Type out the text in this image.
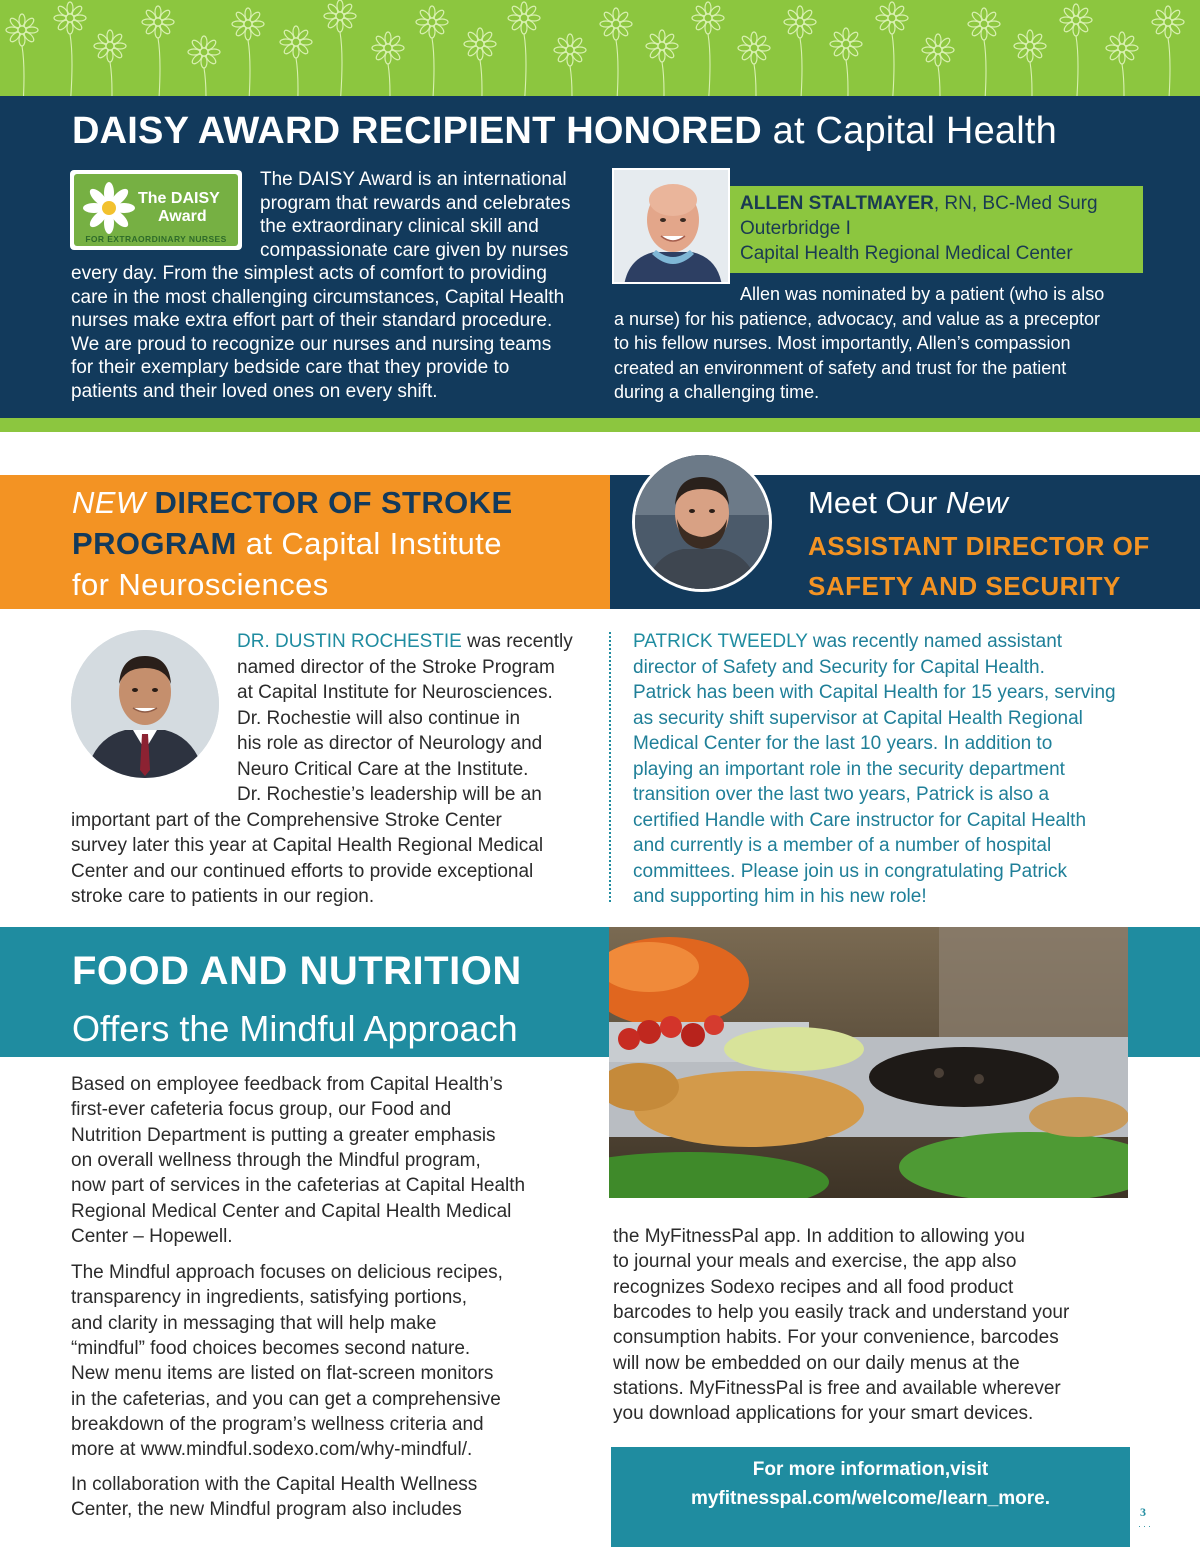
DAISY AWARD RECIPIENT HONORED at Capital Health
The DAISY
Award
FOR EXTRAORDINARY NURSES
The DAISY Award is an international
program that rewards and celebrates
the extraordinary clinical skill and
compassionate care given by nurses
every day. From the simplest acts of comfort to providing
care in the most challenging circumstances, Capital Health
nurses make extra effort part of their standard procedure.
We are proud to recognize our nurses and nursing teams
for their exemplary bedside care that they provide to
patients and their loved ones on every shift.
ALLEN STALTMAYER, RN, BC-Med Surg
Outerbridge I
Capital Health Regional Medical Center
Allen was nominated by a patient (who is also
a nurse) for his patience, advocacy, and value as a preceptor
to his fellow nurses. Most importantly, Allen’s compassion
created an environment of safety and trust for the patient
during a challenging time.
NEW DIRECTOR OF STROKE
PROGRAM at Capital Institute
for Neurosciences
Meet Our New
ASSISTANT DIRECTOR OF
SAFETY AND SECURITY
DR. DUSTIN ROCHESTIE was recently
named director of the Stroke Program
at Capital Institute for Neurosciences.
Dr. Rochestie will also continue in
his role as director of Neurology and
Neuro Critical Care at the Institute.
Dr. Rochestie’s leadership will be an
important part of the Comprehensive Stroke Center
survey later this year at Capital Health Regional Medical
Center and our continued efforts to provide exceptional
stroke care to patients in our region.
PATRICK TWEEDLY was recently named assistant
director of Safety and Security for Capital Health.
Patrick has been with Capital Health for 15 years, serving
as security shift supervisor at Capital Health Regional
Medical Center for the last 10 years. In addition to
playing an important role in the security department
transition over the last two years, Patrick is also a
certified Handle with Care instructor for Capital Health
and currently is a member of a number of hospital
committees. Please join us in congratulating Patrick
and supporting him in his new role!
FOOD AND NUTRITION
Offers the Mindful Approach
Based on employee feedback from Capital Health’s
first-ever cafeteria focus group, our Food and
Nutrition Department is putting a greater emphasis
on overall wellness through the Mindful program,
now part of services in the cafeterias at Capital Health
Regional Medical Center and Capital Health Medical
Center – Hopewell.
The Mindful approach focuses on delicious recipes,
transparency in ingredients, satisfying portions,
and clarity in messaging that will help make
“mindful” food choices becomes second nature.
New menu items are listed on flat-screen monitors
in the cafeterias, and you can get a comprehensive
breakdown of the program’s wellness criteria and
more at www.mindful.sodexo.com/why-mindful/.
In collaboration with the Capital Health Wellness
Center, the new Mindful program also includes
the MyFitnessPal app. In addition to allowing you
to journal your meals and exercise, the app also
recognizes Sodexo recipes and all food product
barcodes to help you easily track and understand your
consumption habits. For your convenience, barcodes
will now be embedded on our daily menus at the
stations. MyFitnessPal is free and available wherever
you download applications for your smart devices.
For more information,visit
myfitnesspal.com/welcome/learn_more.
3
···
